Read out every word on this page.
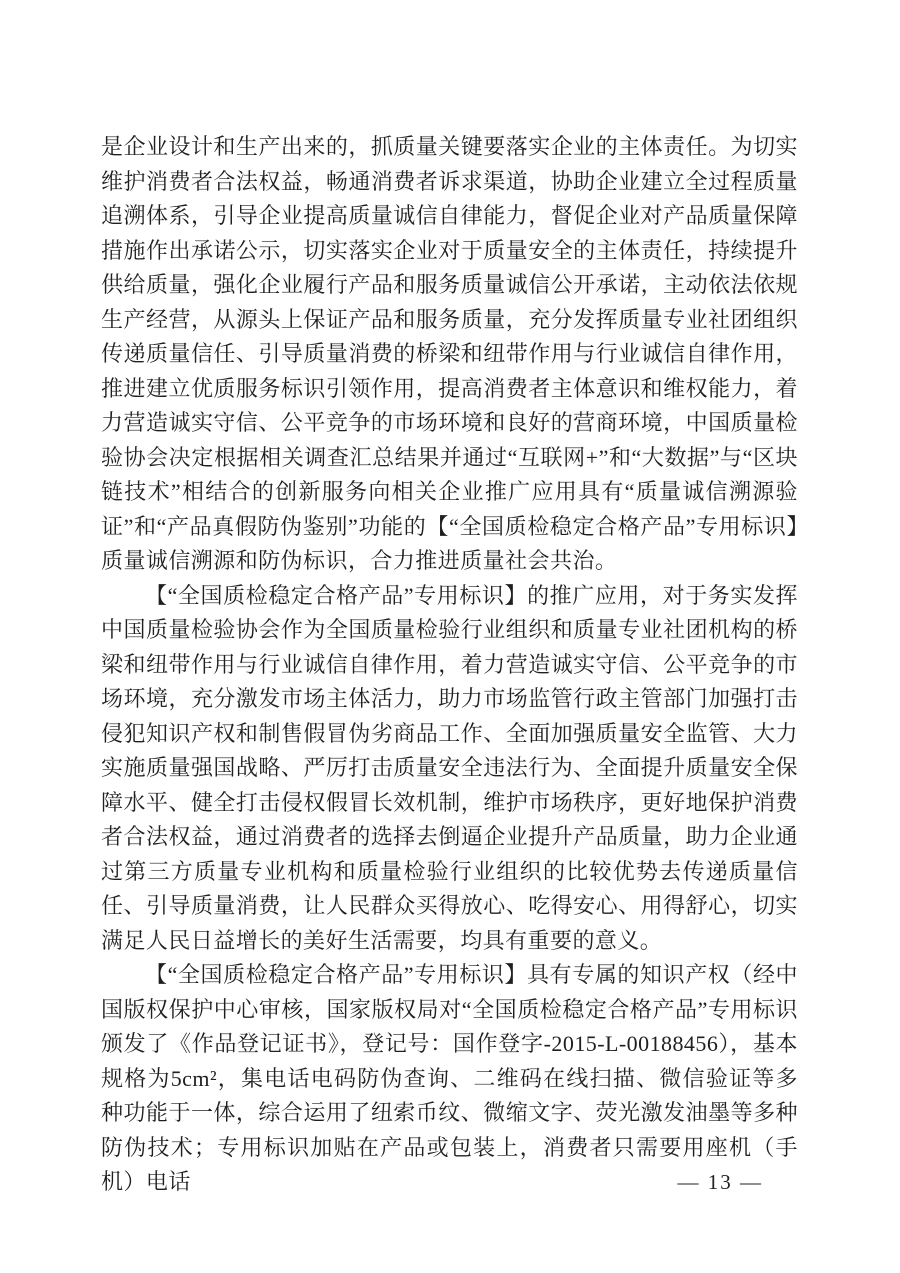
是企业设计和生产出来的，抓质量关键要落实企业的主体责任。为切实维护消费者合法权益，畅通消费者诉求渠道，协助企业建立全过程质量追溯体系，引导企业提高质量诚信自律能力，督促企业对产品质量保障措施作出承诺公示，切实落实企业对于质量安全的主体责任，持续提升供给质量，强化企业履行产品和服务质量诚信公开承诺，主动依法依规生产经营，从源头上保证产品和服务质量，充分发挥质量专业社团组织传递质量信任、引导质量消费的桥梁和纽带作用与行业诚信自律作用，推进建立优质服务标识引领作用，提高消费者主体意识和维权能力，着力营造诚实守信、公平竞争的市场环境和良好的营商环境，中国质量检验协会决定根据相关调查汇总结果并通过“互联网+”和“大数据”与“区块链技术”相结合的创新服务向相关企业推广应用具有“质量诚信溯源验证”和“产品真假防伪鉴别”功能的【“全国质检稳定合格产品”专用标识】质量诚信溯源和防伪标识，合力推进质量社会共治。

【“全国质检稳定合格产品”专用标识】的推广应用，对于务实发挥中国质量检验协会作为全国质量检验行业组织和质量专业社团机构的桥梁和纽带作用与行业诚信自律作用，着力营造诚实守信、公平竞争的市场环境，充分激发市场主体活力，助力市场监管行政主管部门加强打击侵犯知识产权和制售假冒伪劣商品工作、全面加强质量安全监管、大力实施质量强国战略、严厉打击质量安全违法行为、全面提升质量安全保障水平、健全打击侵权假冒长效机制，维护市场秩序，更好地保护消费者合法权益，通过消费者的选择去倒逼企业提升产品质量，助力企业通过第三方质量专业机构和质量检验行业组织的比较优势去传递质量信任、引导质量消费，让人民群众买得放心、吃得安心、用得舒心，切实满足人民日益增长的美好生活需要，均具有重要的意义。

【“全国质检稳定合格产品”专用标识】具有专属的知识产权（经中国版权保护中心审核，国家版权局对“全国质检稳定合格产品”专用标识颁发了《作品登记证书》，登记号：国作登字-2015-L-00188456），基本规格为5cm²，集电话电码防伪查询、二维码在线扫描、微信验证等多种功能于一体，综合运用了纽索币纹、微缩文字、荧光激发油墨等多种防伪技术；专用标识加贴在产品或包装上，消费者只需要用座机（手机）电话	— 13 —
